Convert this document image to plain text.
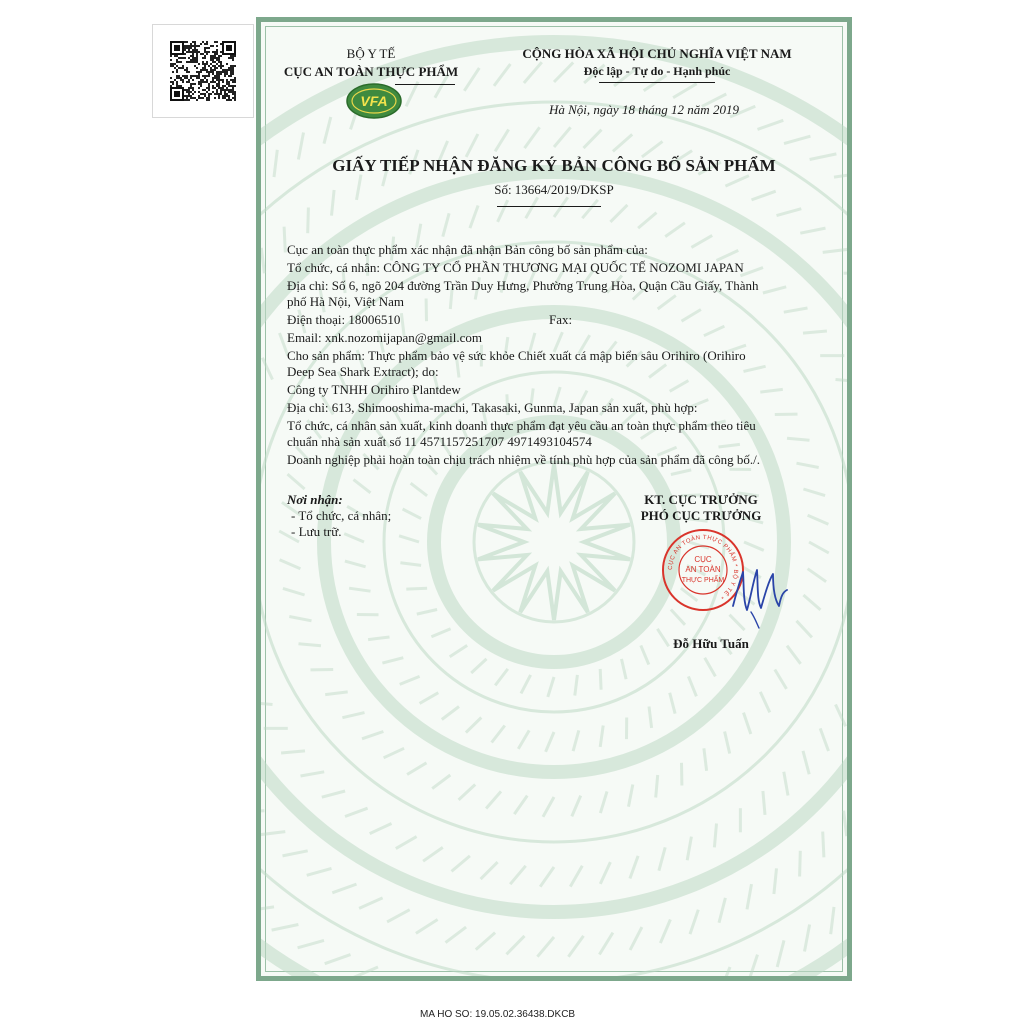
BỘ Y TẾ
CỤC AN TOÀN THỰC PHẨM
VFA
CỘNG HÒA XÃ HỘI CHỦ NGHĨA VIỆT NAM
Độc lập - Tự do - Hạnh phúc
Hà Nội, ngày 18 tháng 12 năm 2019
GIẤY TIẾP NHẬN ĐĂNG KÝ BẢN CÔNG BỐ SẢN PHẨM
Số: 13664/2019/DKSP
Cục an toàn thực phẩm xác nhận đã nhận Bản công bố sản phẩm của:
Tổ chức, cá nhân: CÔNG TY CỔ PHẦN THƯƠNG MẠI QUỐC TẾ NOZOMI JAPAN
Địa chỉ: Số 6, ngõ 204 đường Trần Duy Hưng, Phường Trung Hòa, Quận Cầu Giấy, Thành
phố Hà Nội, Việt Nam
Điện thoại: 18006510	Fax:
Email: xnk.nozomijapan@gmail.com
Cho sản phẩm: Thực phẩm bảo vệ sức khỏe Chiết xuất cá mập biển sâu Orihiro (Orihiro
Deep Sea Shark Extract); do:
Công ty TNHH Orihiro Plantdew
Địa chỉ: 613, Shimooshima-machi, Takasaki, Gunma, Japan sản xuất, phù hợp:
Tổ chức, cá nhân sản xuất, kinh doanh thực phẩm đạt yêu cầu an toàn thực phẩm theo tiêu
chuẩn nhà sản xuất số 11 4571157251707 4971493104574
Doanh nghiệp phải hoàn toàn chịu trách nhiệm về tính phù hợp của sản phẩm đã công bố./.
Nơi nhận:
- Tổ chức, cá nhân;
- Lưu trữ.
KT. CỤC TRƯỞNG
PHÓ CỤC TRƯỞNG
CỤC AN TOÀN THỰC PHẨM * BỘ Y TẾ *
CỤC
AN TOÀN
THỰC PHẨM
Đỗ Hữu Tuấn
MA HO SO: 19.05.02.36438.DKCB
